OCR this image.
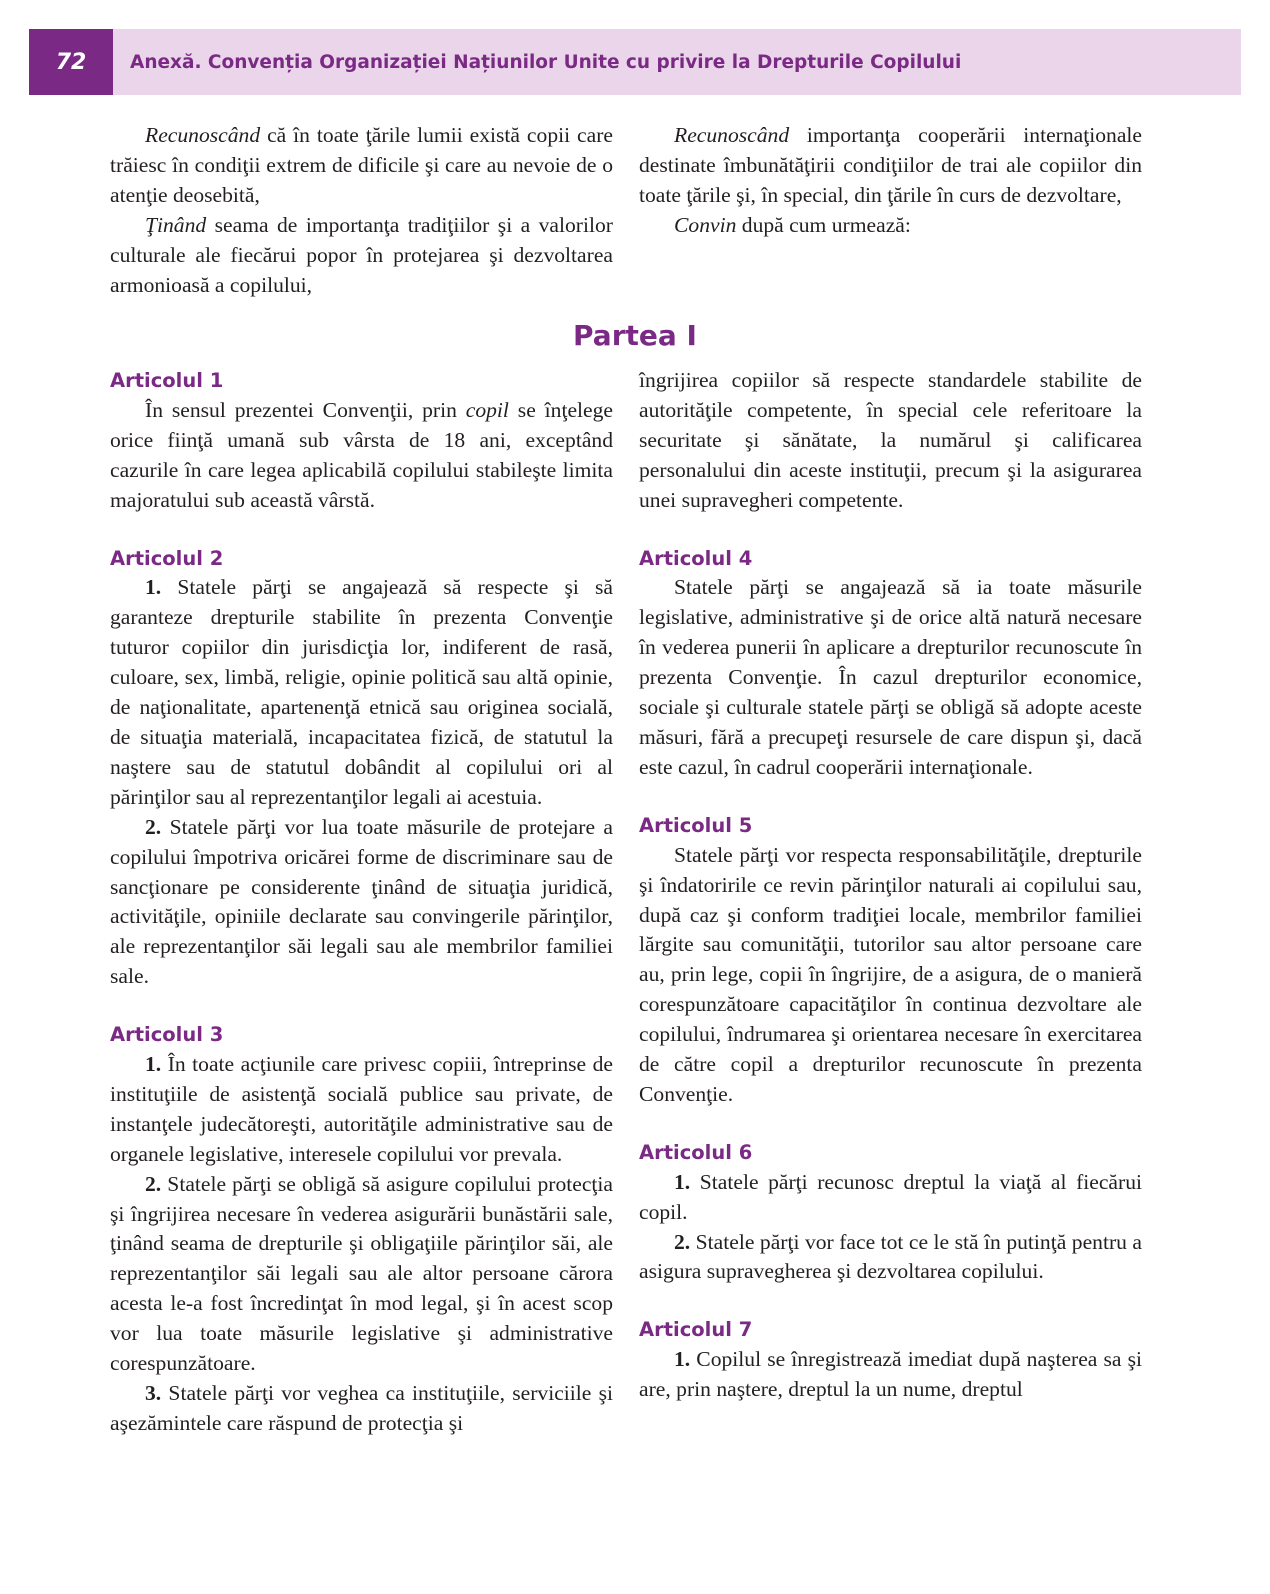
72	Anexă. Convenția Organizației Națiunilor Unite cu privire la Drepturile Copilului

Recunoscând că în toate ţările lumii există copii care trăiesc în condiţii extrem de dificile şi care au nevoie de o atenţie deosebită,

Ţinând seama de importanţa tradiţiilor şi a valorilor culturale ale fiecărui popor în protejarea şi dezvoltarea armonioasă a copilului,

Recunoscând importanţa cooperării internaţionale destinate îmbunătăţirii condiţiilor de trai ale copiilor din toate ţările şi, în special, din ţările în curs de dezvoltare,

Convin după cum urmează:

Partea I
Articolul 1

În sensul prezentei Convenţii, prin copil se înţelege orice fiinţă umană sub vârsta de 18 ani, exceptând cazurile în care legea aplicabilă copilului stabileşte limita majoratului sub această vârstă.

Articolul 2

1. Statele părţi se angajează să respecte şi să garanteze drepturile stabilite în prezenta Convenţie tuturor copiilor din jurisdicţia lor, indiferent de rasă, culoare, sex, limbă, religie, opinie politică sau altă opinie, de naţionalitate, apartenenţă etnică sau originea socială, de situaţia materială, incapacitatea fizică, de statutul la naştere sau de statutul dobândit al copilului ori al părinţilor sau al reprezentanţilor legali ai acestuia.

2. Statele părţi vor lua toate măsurile de protejare a copilului împotriva oricărei forme de discriminare sau de sancţionare pe considerente ţinând de situaţia juridică, activităţile, opiniile declarate sau convingerile părinţilor, ale reprezentanţilor săi legali sau ale membrilor familiei sale.

Articolul 3

1. În toate acţiunile care privesc copiii, întreprinse de instituţiile de asistenţă socială publice sau private, de instanţele judecătoreşti, autorităţile administrative sau de organele legislative, interesele copilului vor prevala.

2. Statele părţi se obligă să asigure copilului protecţia şi îngrijirea necesare în vederea asigurării bunăstării sale, ţinând seama de drepturile şi obligaţiile părinţilor săi, ale reprezentanţilor săi legali sau ale altor persoane cărora acesta le-a fost încredinţat în mod legal, şi în acest scop vor lua toate măsurile legislative şi administrative corespunzătoare.

3. Statele părţi vor veghea ca instituţiile, serviciile şi aşezămintele care răspund de protecţia şi

îngrijirea copiilor să respecte standardele stabilite de autorităţile competente, în special cele referitoare la securitate şi sănătate, la numărul şi calificarea personalului din aceste instituţii, precum şi la asigurarea unei supravegheri competente.

Articolul 4

Statele părţi se angajează să ia toate măsurile legislative, administrative şi de orice altă natură necesare în vederea punerii în aplicare a drepturilor recunoscute în prezenta Convenţie. În cazul drepturilor economice, sociale şi culturale statele părţi se obligă să adopte aceste măsuri, fără a precupeţi resursele de care dispun şi, dacă este cazul, în cadrul cooperării internaţionale.

Articolul 5

Statele părţi vor respecta responsabilităţile, drepturile şi îndatoririle ce revin părinţilor naturali ai copilului sau, după caz şi conform tradiţiei locale, membrilor familiei lărgite sau comunităţii, tutorilor sau altor persoane care au, prin lege, copii în îngrijire, de a asigura, de o manieră corespunzătoare capacităţilor în continua dezvoltare ale copilului, îndrumarea şi orientarea necesare în exercitarea de către copil a drepturilor recunoscute în prezenta Convenţie.

Articolul 6

1. Statele părţi recunosc dreptul la viaţă al fiecărui copil.

2. Statele părţi vor face tot ce le stă în putinţă pentru a asigura supravegherea şi dezvoltarea copilului.

Articolul 7

1. Copilul se înregistrează imediat după naşterea sa şi are, prin naştere, dreptul la un nume, dreptul
